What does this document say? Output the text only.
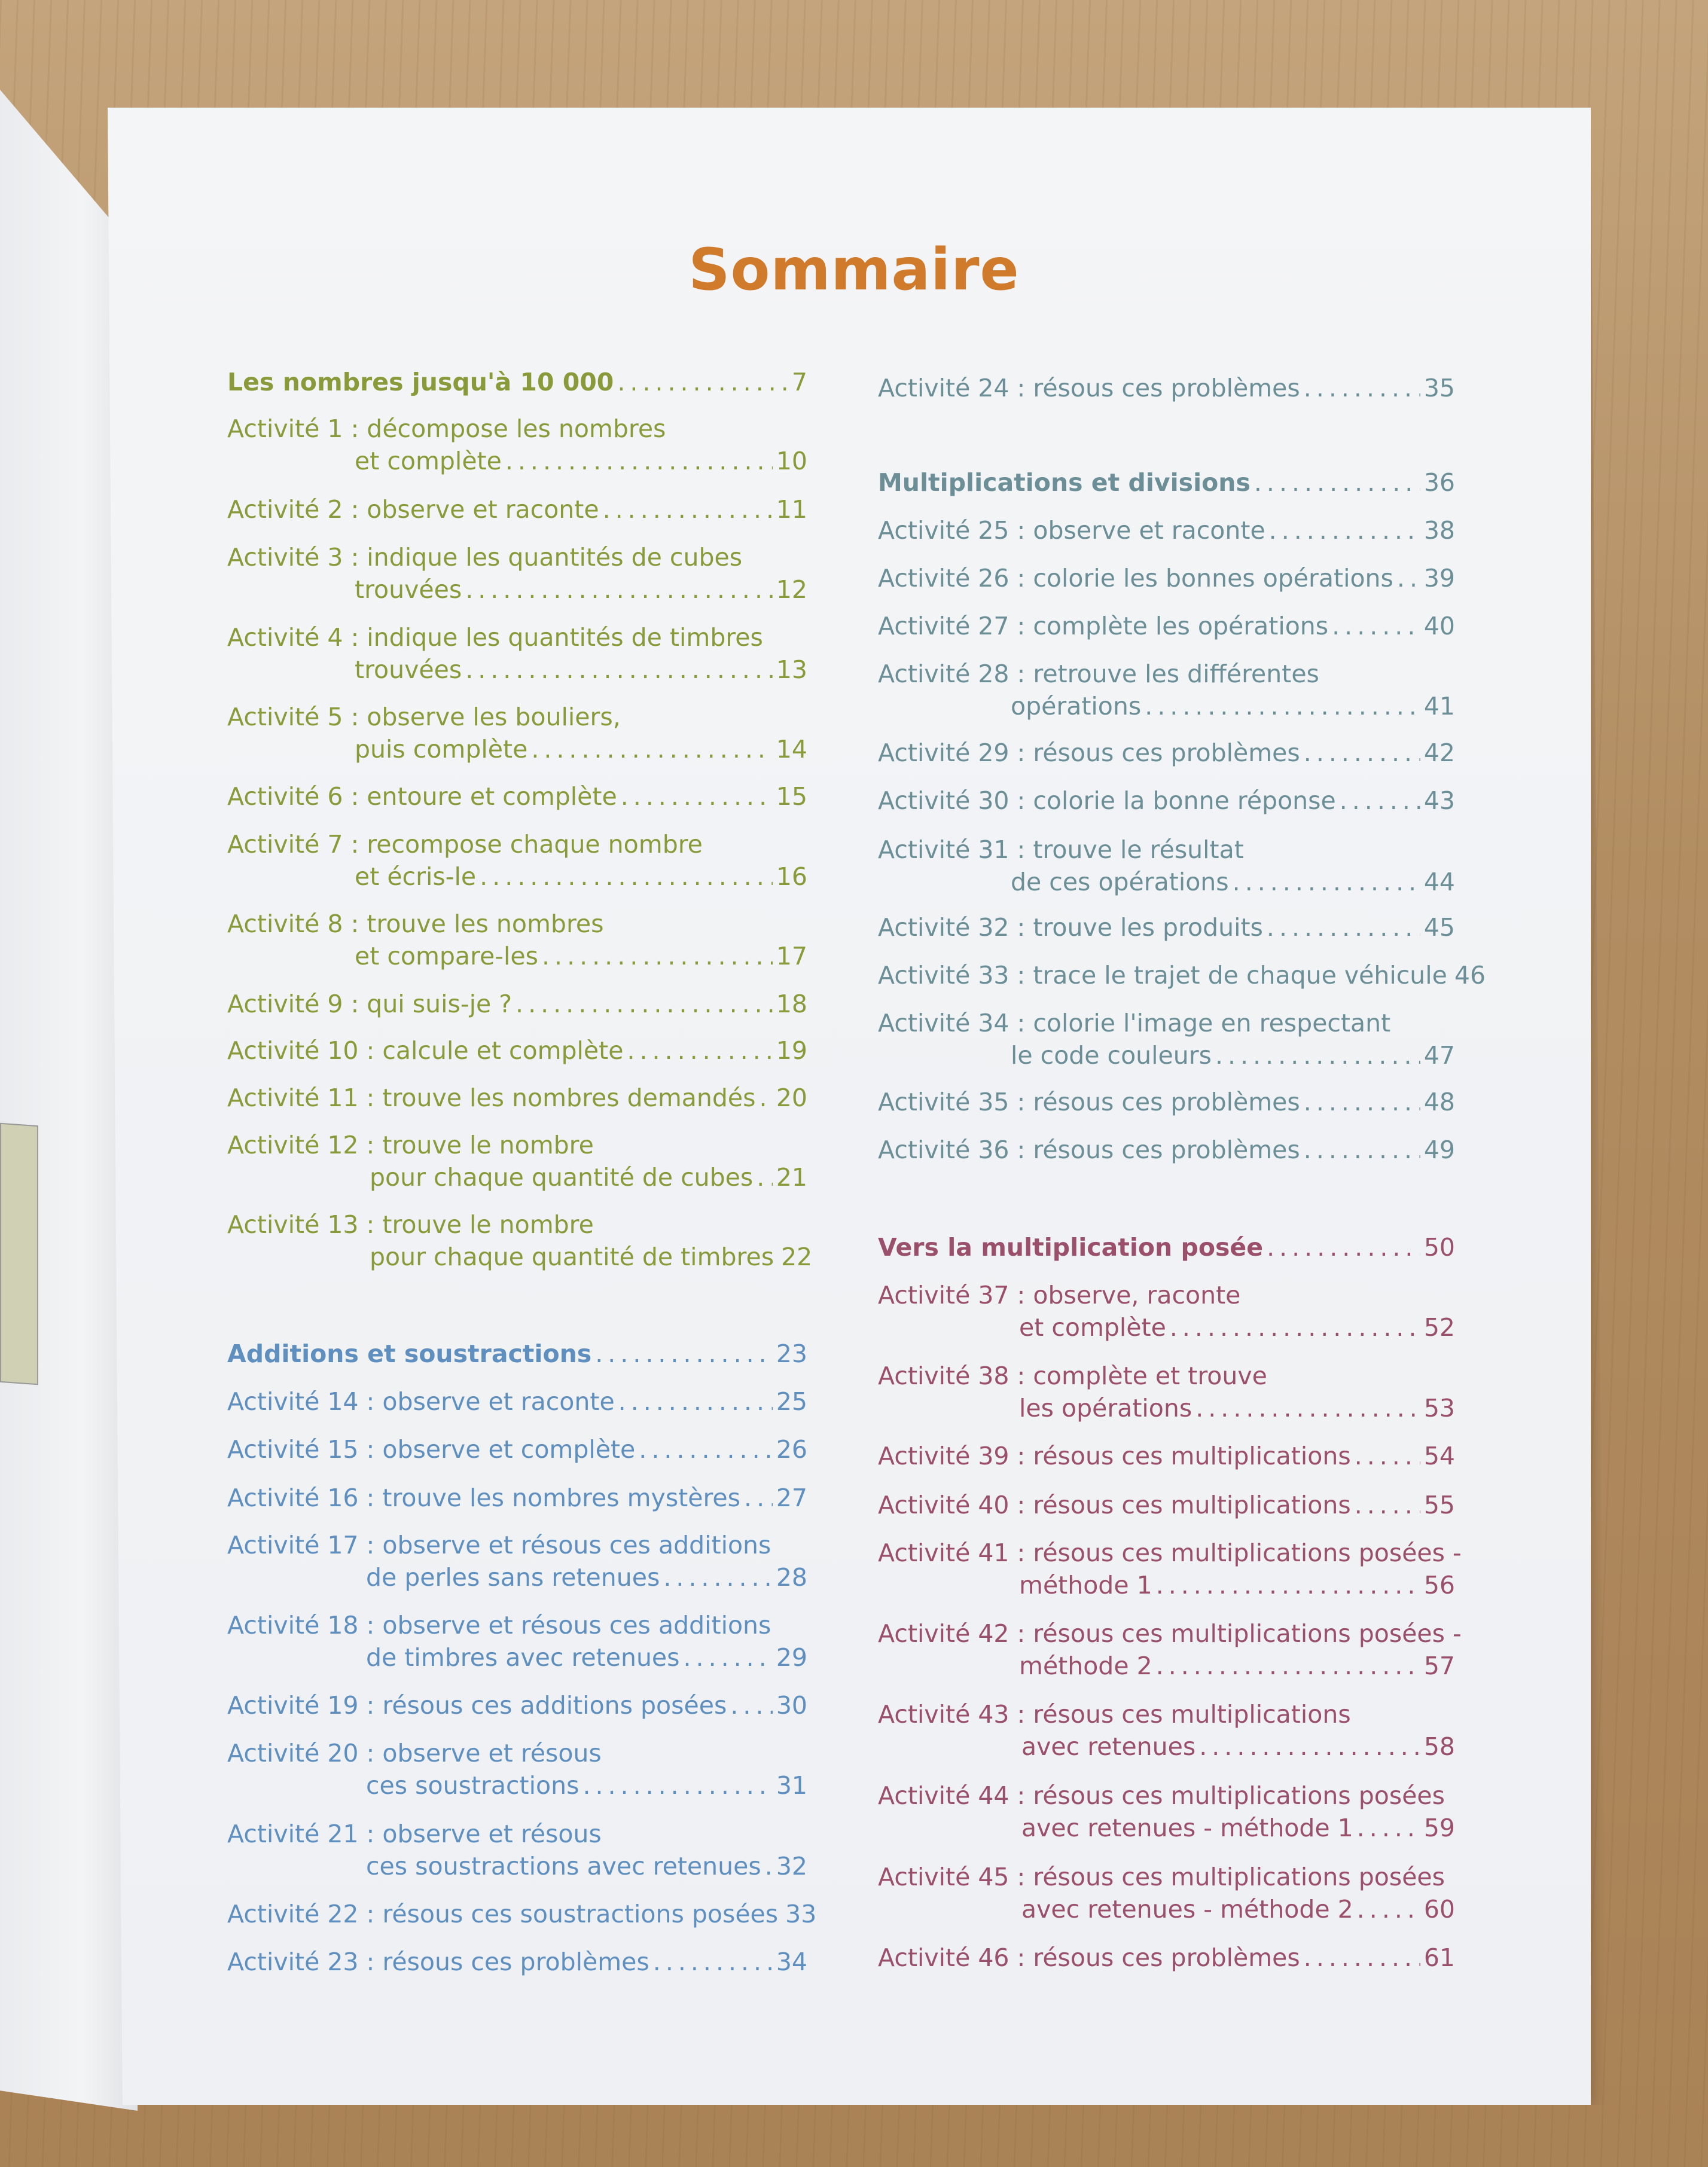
Sommaire
Les nombres jusqu'à 10 000 .....	7
Activité 1 : décompose les nombres
et complète .....	10
Activité 2 : observe et raconte .....	11
Activité 3 : indique les quantités de cubes
trouvées .....	12
Activité 4 : indique les quantités de timbres
trouvées .....	13
Activité 5 : observe les bouliers,
puis complète .....	14
Activité 6 : entoure et complète .....	15
Activité 7 : recompose chaque nombre
et écris-le .....	16
Activité 8 : trouve les nombres
et compare-les .....	17
Activité 9 : qui suis-je ? .....	18
Activité 10 : calcule et complète .....	19
Activité 11 : trouve les nombres demandés ..... 20
Activité 12 : trouve le nombre
pour chaque quantité de cubes ..... 21
Activité 13 : trouve le nombre
pour chaque quantité de timbres 22
Additions et soustractions .....	23
Activité 14 : observe et raconte .....	25
Activité 15 : observe et complète .....	26
Activité 16 : trouve les nombres mystères ..... 27
Activité 17 : observe et résous ces additions
de perles sans retenues .....	28
Activité 18 : observe et résous ces additions
de timbres avec retenues .....	29
Activité 19 : résous ces additions posées ..... 30
Activité 20 : observe et résous
ces soustractions .....	31
Activité 21 : observe et résous
ces soustractions avec retenues ..... 32
Activité 22 : résous ces soustractions posées 33
Activité 23 : résous ces problèmes .....	34
Activité 24 : résous ces problèmes .....	35
Multiplications et divisions .....	36
Activité 25 : observe et raconte .....	38
Activité 26 : colorie les bonnes opérations ..... 39
Activité 27 : complète les opérations .....	40
Activité 28 : retrouve les différentes
opérations .....	41
Activité 29 : résous ces problèmes .....	42
Activité 30 : colorie la bonne réponse .....	43
Activité 31 : trouve le résultat
de ces opérations .....	44
Activité 32 : trouve les produits .....	45
Activité 33 : trace le trajet de chaque véhicule 46
Activité 34 : colorie l'image en respectant
le code couleurs .....	47
Activité 35 : résous ces problèmes .....	48
Activité 36 : résous ces problèmes .....	49
Vers la multiplication posée .....	50
Activité 37 : observe, raconte
et complète .....	52
Activité 38 : complète et trouve
les opérations .....	53
Activité 39 : résous ces multiplications .....	54
Activité 40 : résous ces multiplications .....	55
Activité 41 : résous ces multiplications posées -
méthode 1 .....	56
Activité 42 : résous ces multiplications posées -
méthode 2 .....	57
Activité 43 : résous ces multiplications
avec retenues .....	58
Activité 44 : résous ces multiplications posées
avec retenues - méthode 1 .....	59
Activité 45 : résous ces multiplications posées
avec retenues - méthode 2 .....	60
Activité 46 : résous ces problèmes .....	61
